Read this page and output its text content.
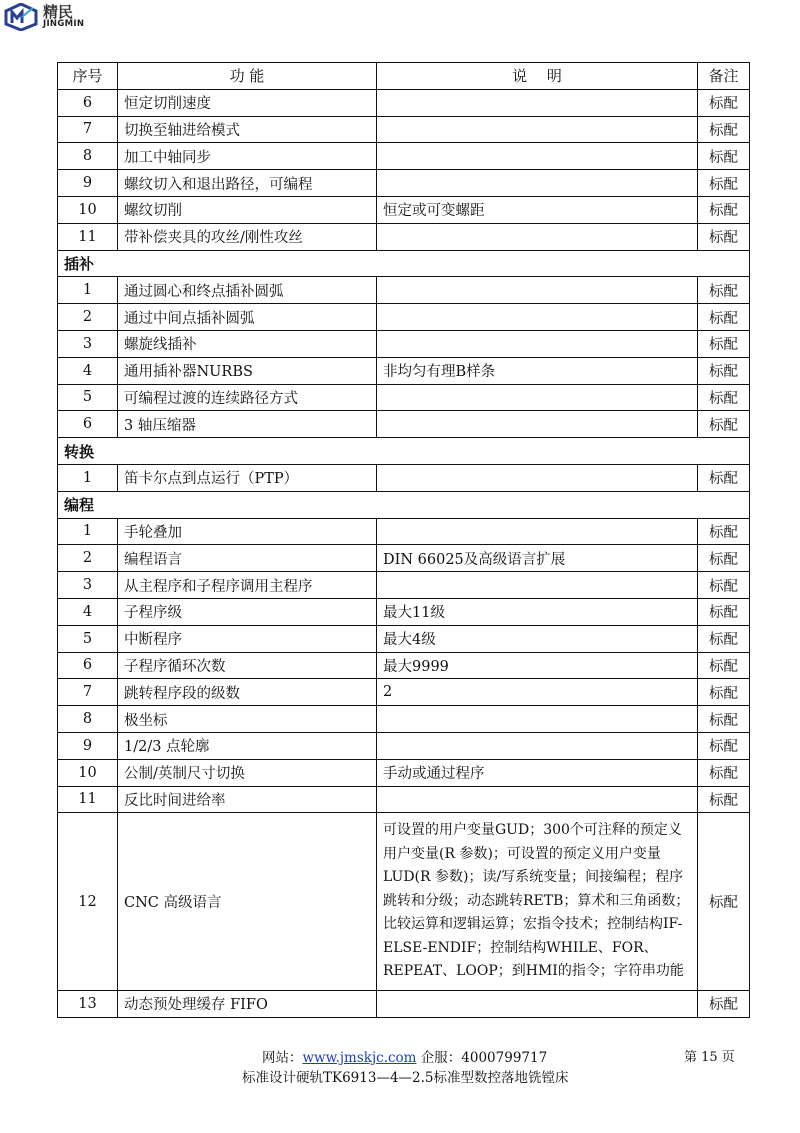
精民
JINGMIN
序号	功 能	说　 明	备注
6	恒定切削速度		标配
7	切换至轴进给模式		标配
8	加工中轴同步		标配
9	螺纹切入和退出路径，可编程		标配
10	螺纹切削	恒定或可变螺距	标配
11	带补偿夹具的攻丝/刚性攻丝		标配
插补			
1	通过圆心和终点插补圆弧		标配
2	通过中间点插补圆弧		标配
3	螺旋线插补		标配
4	通用插补器NURBS	非均匀有理B样条	标配
5	可编程过渡的连续路径方式		标配
6	3 轴压缩器		标配
转换			
1	笛卡尔点到点运行（PTP）		标配
编程			
1	手轮叠加		标配
2	编程语言	DIN 66025及高级语言扩展	标配
3	从主程序和子程序调用主程序		标配
4	子程序级	最大11级	标配
5	中断程序	最大4级	标配
6	子程序循环次数	最大9999	标配
7	跳转程序段的级数	2	标配
8	极坐标		标配
9	1/2/3 点轮廓		标配
10	公制/英制尺寸切换	手动或通过程序	标配
11	反比时间进给率		标配
12	CNC 高级语言	可设置的用户变量GUD；300个可注释的预定义用户变量(R 参数)；可设置的预定义用户变量 LUD(R 参数)；读/写系统变量；间接编程；程序跳转和分级；动态跳转RETB；算术和三角函数；比较运算和逻辑运算；宏指令技术；控制结构IF-ELSE-ENDIF；控制结构WHILE、FOR、REPEAT、LOOP；到HMI的指令；字符串功能	标配
13	动态预处理缓存 FIFO		标配
网站：www.jmskjc.com 企服：4000799717	第 15 页
标准设计硬轨TK6913—4—2.5标准型数控落地铣镗床
